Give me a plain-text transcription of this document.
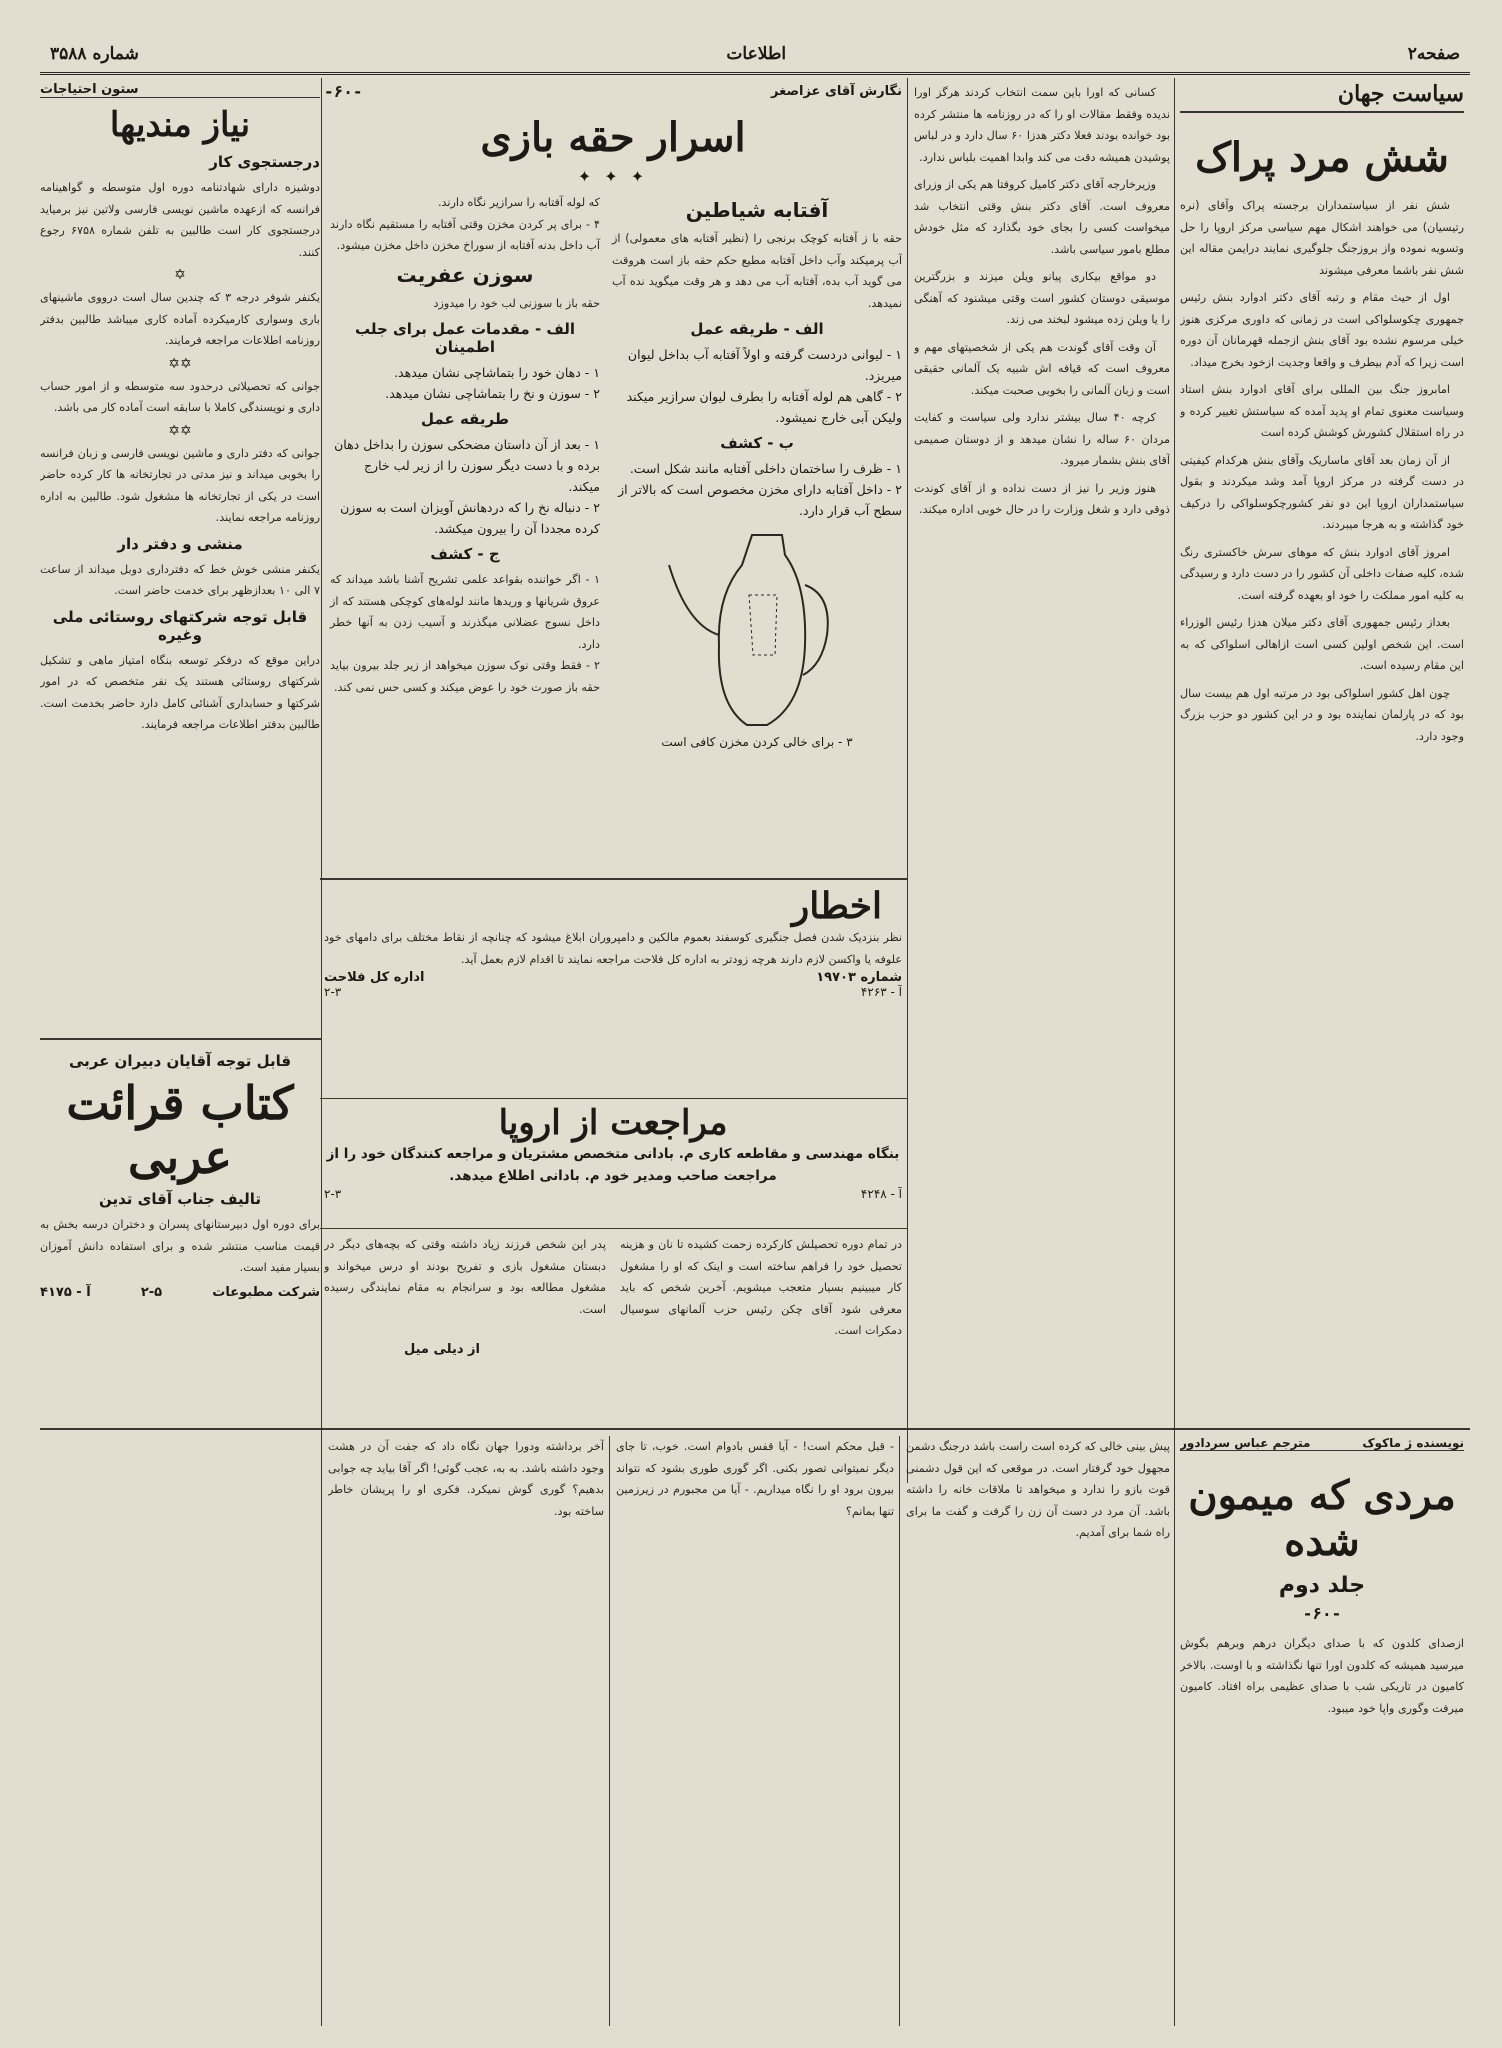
صفحه۲
اطلاعات
شماره ۳۵۸۸
سیاست جهان
شش مرد پراک

شش نفر از سیاستمداران برجسته پراک وآقای (نره رتیسیان) می خواهند اشکال مهم سیاسی مرکز اروپا را حل وتسویه نموده واز بروزجنگ جلوگیری نمایند درایمن مقاله این شش نفر باشما معرفی میشوند

اول از حیث مقام و رتبه آقای دکتر ادوارد بنش رئیس جمهوری چکوسلواکی است در زمانی که داوری مرکزی هنوز خیلی مرسوم نشده بود آقای بنش ازجمله قهرمانان آن دوره است زیرا که آدم بیطرف و واقعا وجدیت ازخود بخرج میداد.

امابروز جنگ بین المللی برای آقای ادوارد بنش استاد وسیاست معنوی تمام او پدید آمده که سیاستش تغییر کرده و در راه استقلال کشورش کوشش کرده است

از آن زمان بعد آقای ماساریک وآقای بنش هرکدام کیفیتی در دست گرفته در مرکز اروپا آمد وشد میکردند و بقول سیاستمداران اروپا این دو نفر کشورچکوسلواکی را درکیف خود گذاشته و به هرجا میبردند.

امروز آقای ادوارد بنش که موهای سرش خاکستری رنگ شده، کلیه صفات داخلی آن کشور را در دست دارد و رسیدگی به کلیه امور مملکت را خود او بعهده گرفته است.

بعداز رئیس جمهوری آقای دکتر میلان هدزا رئیس الوزراء است. این شخص اولین کسی است ازاهالی اسلواکی که به این مقام رسیده است.

چون اهل کشور اسلواکی بود در مرتبه اول هم بیست سال بود که در پارلمان نماینده بود و در این کشور دو حزب بزرگ وجود دارد.

کسانی که اورا باین سمت انتخاب کردند هرگز اورا ندیده وفقط مقالات او را که در روزنامه ها منتشر کرده بود خوانده بودند فعلا دکتر هدزا ۶۰ سال دارد و در لباس پوشیدن همیشه دقت می کند وابدا اهمیت بلباس ندارد.

وزیرخارجه آقای دکتر کامیل کروفتا هم یکی از وزرای معروف است. آقای دکتر بنش وقتی انتخاب شد میخواست کسی را بجای خود بگذارد که مثل خودش مطلع بامور سیاسی باشد.

دو مواقع بیکاری پیانو ویلن میزند و بزرگترین موسیقی دوستان کشور است وقتی میشنود که آهنگی را یا ویلن زده میشود لبخند می زند.

آن وقت آقای گوندت هم یکی از شخصیتهای مهم و معروف است که قیافه اش شبیه یک آلمانی حقیقی است و زبان آلمانی را بخوبی صحبت میکند.

کرچه ۴۰ سال بیشتر ندارد ولی سیاست و کفایت مردان ۶۰ ساله را نشان میدهد و از دوستان صمیمی آقای بنش بشمار میرود.

هنوز وزیر را نیز از دست نداده و از آقای کوندت ذوقی دارد و شغل وزارت را در حال خوبی اداره میکند.

نگارش آقای عزاصغر
-۶۰-
اسرار حقه بازی
✦ ✦ ✦
آفتابه شیاطین
حقه با ز آفتابه کوچک برنجی را (نظیر آفتابه های معمولی) از آب پرمیکند وآب داخل آفتابه مطیع حکم حقه باز است هروقت می گوید آب بده، آفتابه آب می دهد و هر وقت میگوید نده آب نمیدهد.
الف - طریقه عمل
۱ - لیوانی دردست گرفته و اولاً آفتابه آب بداخل لیوان میریزد.
۲ - گاهی هم لوله آفتابه را بطرف لیوان سرازیر میکند ولیکن آبی خارج نمیشود.
ب - کشف
۱ - ظرف را ساختمان داخلی آفتابه مانند شکل است.
۲ - داخل آفتابه دارای مخزن مخصوص است که بالاتر از سطح آب قرار دارد.
۳ - برای خالی کردن مخزن کافی است
که لوله آفتابه را سرازیر نگاه دارند.
۴ - برای پر کردن مخزن وقتی آفتابه را مستقیم نگاه دارند آب داخل بدنه آفتابه از سوراخ مخزن داخل مخزن میشود.
سوزن عفریت
حقه باز با سوزنی لب خود را میدوزد
الف - مقدمات عمل برای جلب اطمینان
۱ - دهان خود را بتماشاچی نشان میدهد.
۲ - سوزن و نخ را بتماشاچی نشان میدهد.
طریقه عمل
۱ - بعد از آن داستان مضحکی سوزن را بداخل دهان برده و با دست دیگر سوزن را از زیر لب خارج میکند.
۲ - دنباله نخ را که دردهانش آویزان است به سوزن کرده مجددا آن را بیرون میکشد.
ج - کشف
۱ - اگر خواننده بقواعد علمی تشریح آشنا باشد میداند که عروق شریانها و وریدها مانند لوله‌های کوچکی هستند که از داخل نسوج عضلانی میگذرند و آسیب زدن به آنها خطر دارد.
۲ - فقط وقتی نوک سوزن میخواهد از زیر جلد بیرون بیاید حقه باز صورت خود را عوض میکند و کسی حس نمی کند.
اخطار
نظر بنزدیک شدن فصل جنگیری کوسفند بعموم مالکین و دامپروران ابلاغ میشود که چنانچه از نقاط مختلف برای دامهای خود علوفه یا واکسن لازم دارند هرچه زودتر به اداره کل فلاحت مراجعه نمایند تا اقدام لازم بعمل آید.
شماره ۱۹۷۰۳
اداره کل فلاحت
آ - ۴۲۶۳
۲-۳
مراجعت از اروپا
بنگاه مهندسی و مقاطعه کاری م. بادانی متخصص مشتریان و مراجعه کنندگان خود را از مراجعت صاحب ومدیر خود م. بادانی اطلاع میدهد.
آ - ۴۲۴۸
۲-۳
در تمام دوره تحصیلش کارکرده زحمت کشیده تا نان و هزینه تحصیل خود را فراهم ساخته است و اینک که او را مشغول کار میبینیم بسیار متعجب میشویم. آخرین شخص که باید معرفی شود آقای چکن رئیس حزب آلمانهای سوسیال دمکرات است.
پدر این شخص فرزند زیاد داشته وقتی که بچه‌های دیگر در دبستان مشغول بازی و تفریح بودند او درس میخواند و مشغول مطالعه بود و سرانجام به مقام نمایندگی رسیده است.
از دیلی میل
ستون احتیاجات
نیاز مندیها
درجستجوی کار
دوشیزه دارای شهادتنامه دوره اول متوسطه و گواهینامه فرانسه که ازعهده ماشین نویسی فارسی ولاتین نیز برمیاید درجستجوی کار است طالبین به تلفن شماره ۶۷۵۸ رجوع کنند.
✡
یکنفر شوفر درجه ۳ که چندین سال است درووی ماشینهای باری وسواری کارمیکرده آماده کاری میباشد طالبین بدفتر روزنامه اطلاعات مراجعه فرمایند.
✡✡
جوانی که تحصیلاتی درحدود سه متوسطه و از امور حساب داری و نویسندگی کاملا با سابقه است آماده کار می باشد.
✡✡
جوانی که دفتر داری و ماشین نویسی فارسی و زبان فرانسه را بخوبی میداند و نیز مدتی در تجارتخانه ها کار کرده حاضر است در یکی از تجارتخانه ها مشغول شود. طالبین به اداره روزنامه مراجعه نمایند.
منشی و دفتر دار
یکنفر منشی خوش خط که دفترداری دوبل میداند از ساعت ۷ الی ۱۰ بعدازظهر برای خدمت حاضر است.
قابل توجه شرکتهای روستائی ملی وغیره
دراین موقع که درفکر توسعه بنگاه امتیاز ماهی و تشکیل شرکتهای روستائی هستند یک نفر متخصص که در امور شرکتها و حسابداری آشنائی کامل دارد حاضر بخدمت است. طالبین بدفتر اطلاعات مراجعه فرمایند.
قابل توجه آقایان دبیران عربی
کتاب قرائت عربی
تالیف جناب آقای تدین
برای دوره اول دبیرستانهای پسران و دختران درسه بخش به قیمت مناسب منتشر شده و برای استفاده دانش آموزان بسیار مفید است.
شرکت مطبوعات
۲-۵
آ - ۴۱۷۵
نویسنده ژ ماکوک
مترجم عباس سردادور
مردی که میمون شده
جلد دوم
-۶۰-
ازصدای کلدون که با صدای دیگران درهم وبرهم بگوش میرسید همیشه که کلدون اورا تنها نگذاشته و با اوست. بالاخر کامیون در تاریکی شب با صدای عظیمی براه افتاد. کامیون میرفت وگوری واپا خود میبود.
پیش بینی خالی که کرده است راست باشد درجنگ دشمن مجهول خود گرفتار است. در موقعی که این قول دشمنی قوت بازو را ندارد و میخواهد تا ملاقات خانه را داشته باشد. آن مرد در دست آن زن را گرفت و گفت ما برای راه شما برای آمدیم.
- قبل محکم است! - آیا قفس بادوام است. خوب، تا جای دیگر نمیتوانی تصور بکنی. اگر گوری طوری بشود که نتواند بیرون برود او را نگاه میداریم. - آیا من مجبورم در زیرزمین تنها بمانم؟
آخر برداشته ودورا جهان نگاه داد که جفت آن در هشت وجود داشته باشد. به به، عجب گوئی! اگر آقا بیاید چه جوابی بدهیم؟ گوری گوش نمیکرد. فکری او را پریشان خاطر ساخته بود.
